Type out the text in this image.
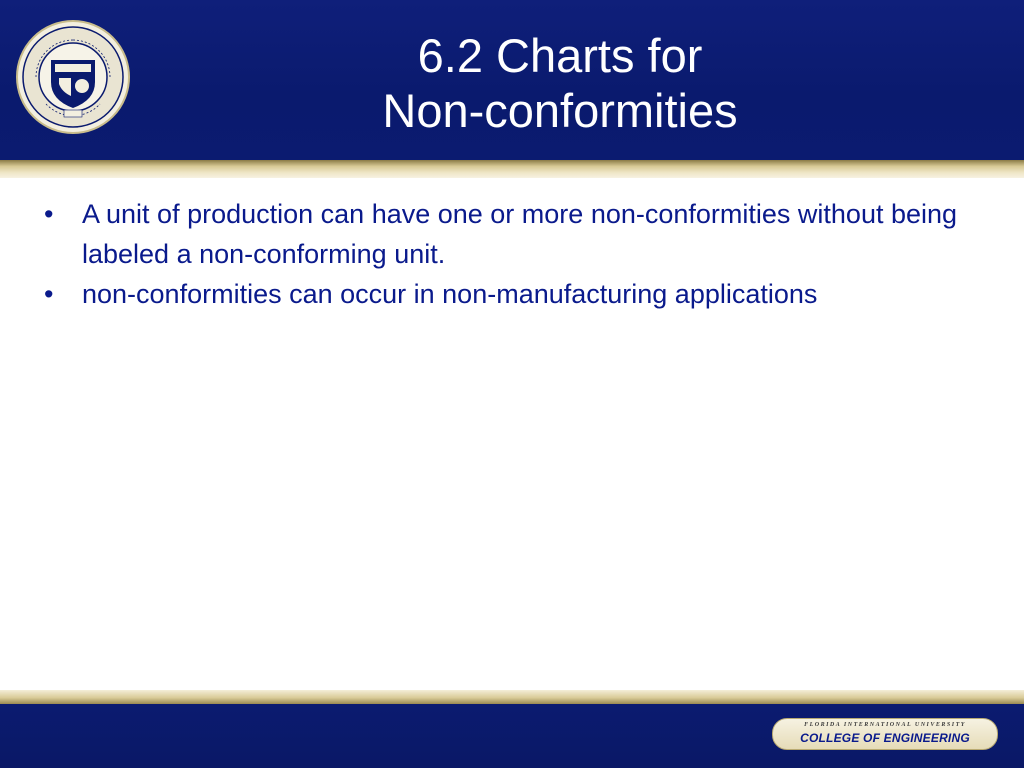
6.2 Charts for
Non-conformities
• A unit of production can have one or more non-conformities without being labeled a non-conforming unit.
• non-conformities can occur in non-manufacturing applications
FLORIDA INTERNATIONAL UNIVERSITY
COLLEGE OF ENGINEERING
